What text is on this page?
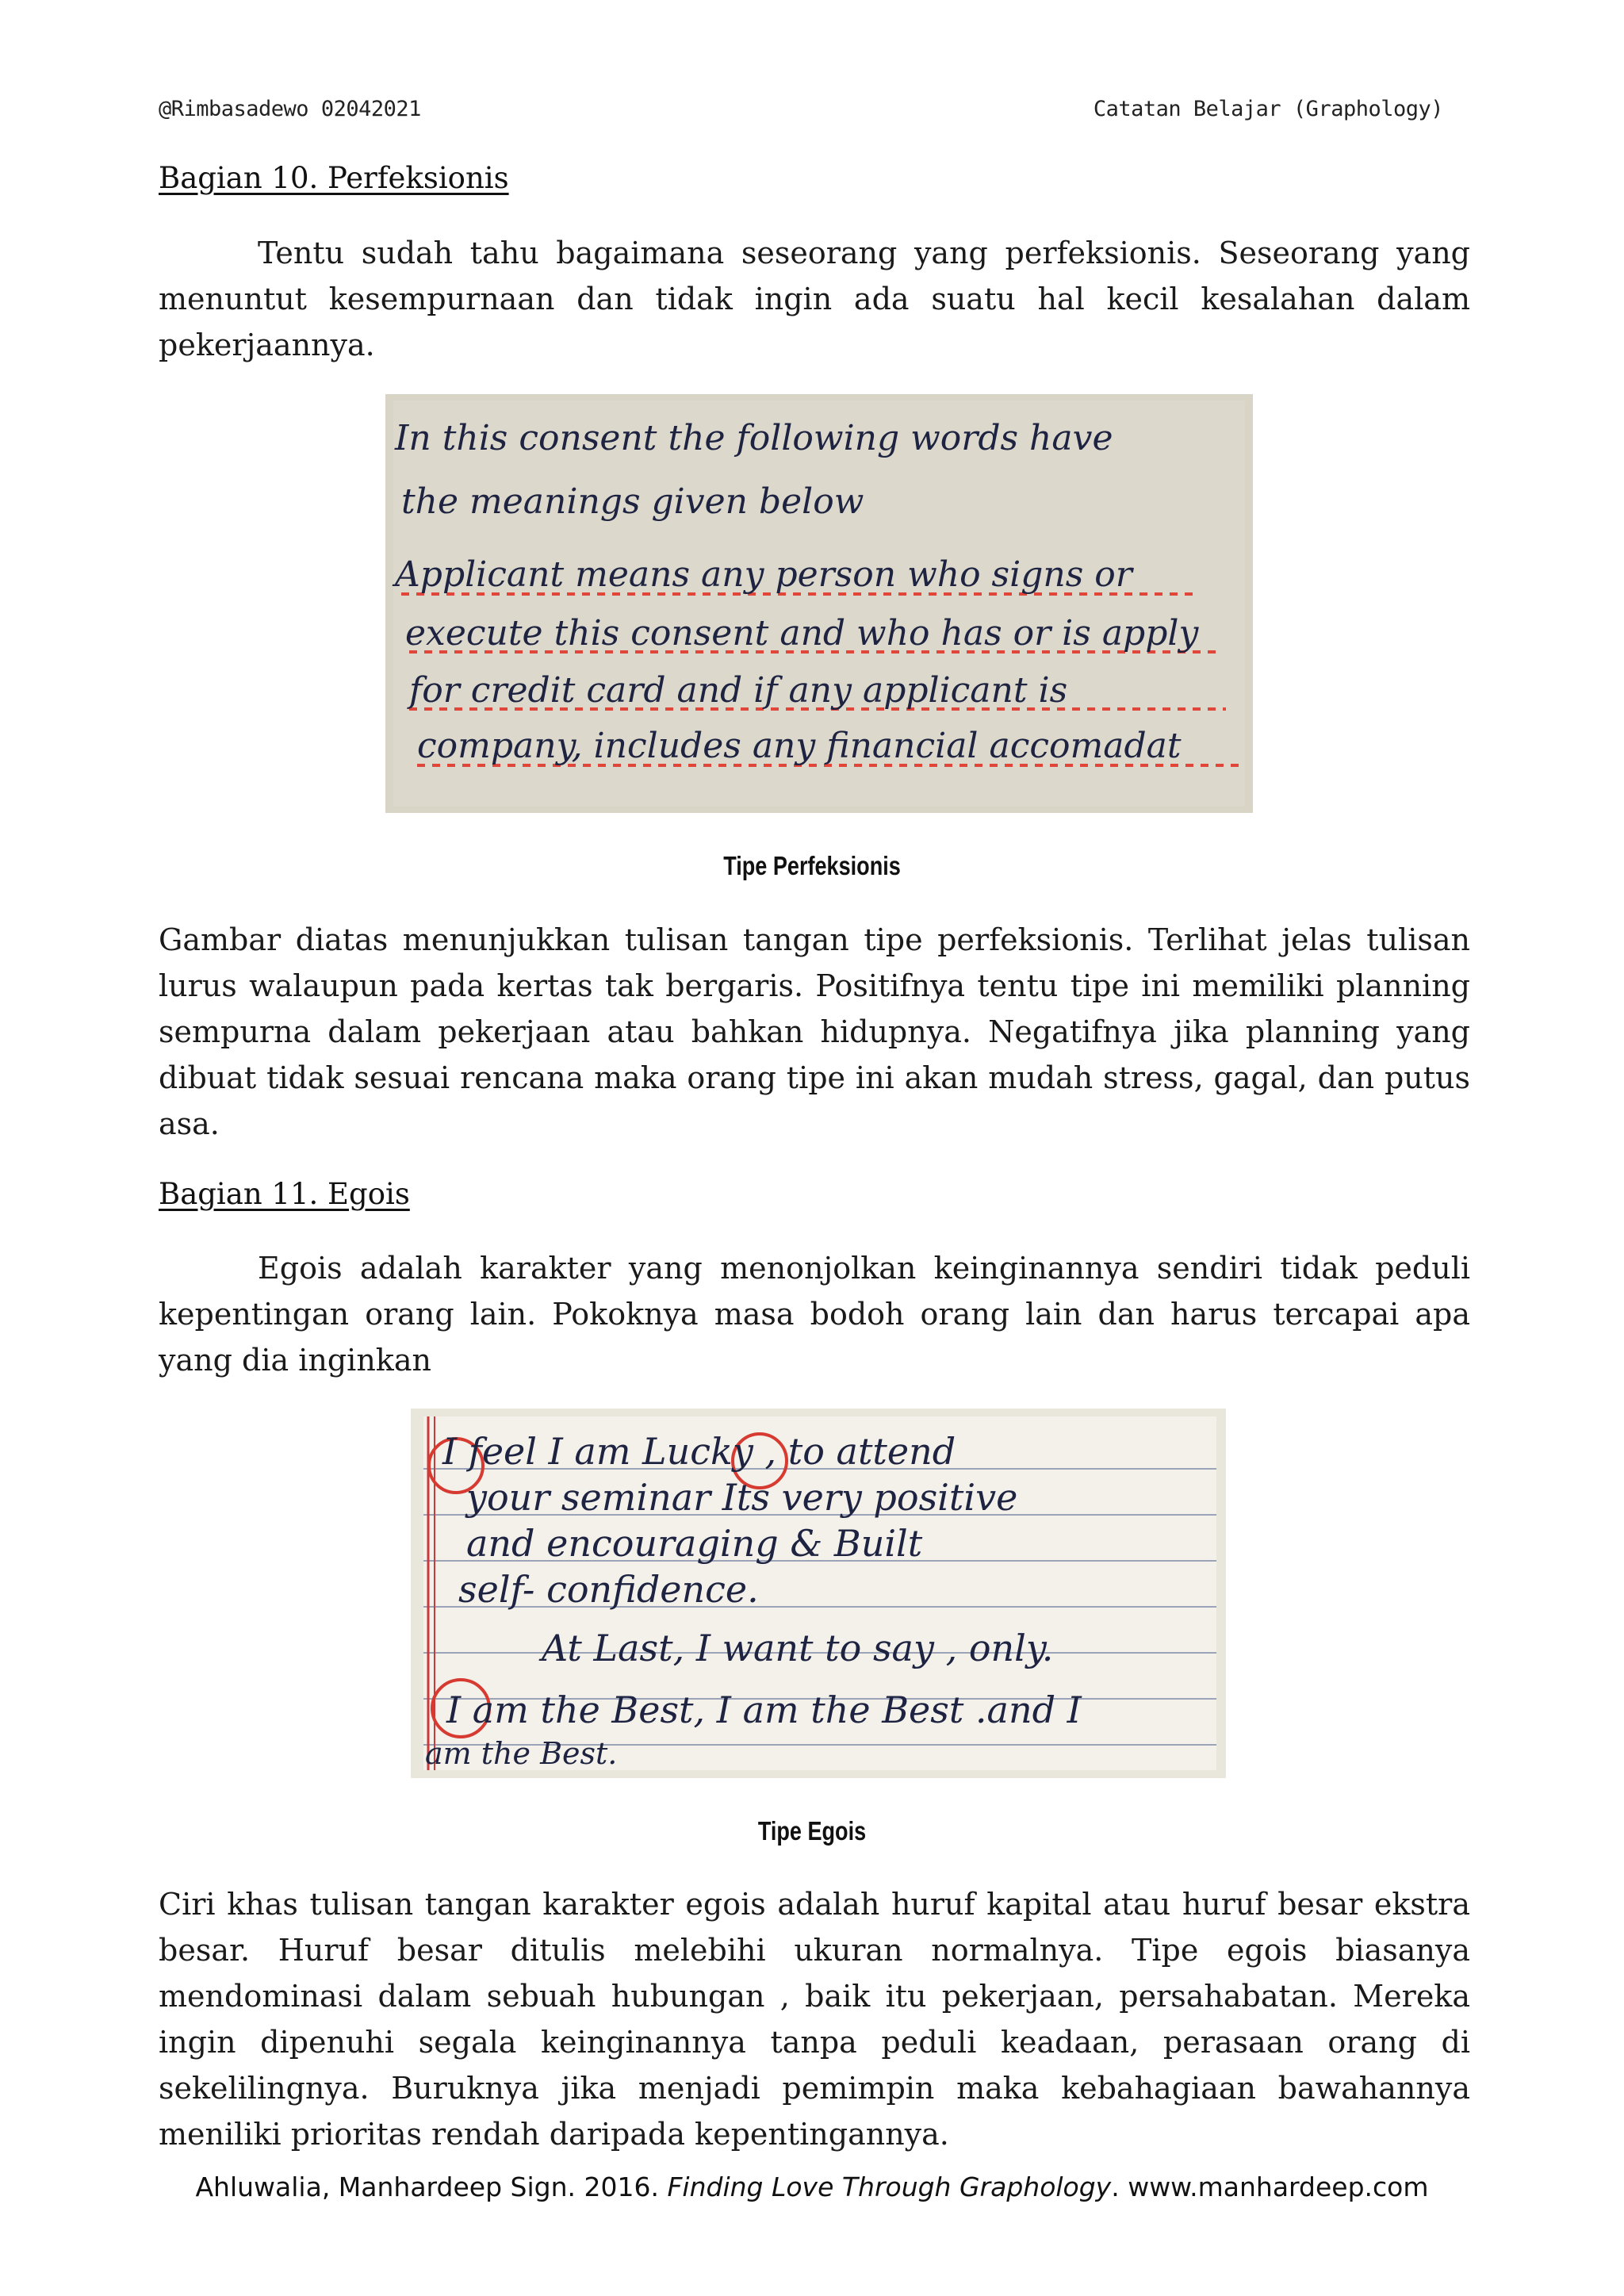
@Rimbasadewo 02042021	Catatan Belajar (Graphology)
Bagian 10. Perfeksionis

Tentu sudah tahu bagaimana seseorang yang perfeksionis. Seseorang yang menuntut kesempurnaan dan tidak ingin ada suatu hal kecil kesalahan dalam pekerjaannya.

In this consent the following words have
the meanings given below
Applicant means any person who signs or
execute this consent and who has or is apply
for credit card and if any applicant is
company, includes any financial accomadat
Tipe Perfeksionis

Gambar diatas menunjukkan tulisan tangan tipe perfeksionis. Terlihat jelas tulisan lurus walaupun pada kertas tak bergaris. Positifnya tentu tipe ini memiliki planning sempurna dalam pekerjaan atau bahkan hidupnya. Negatifnya jika planning yang dibuat tidak sesuai rencana maka orang tipe ini akan mudah stress, gagal, dan putus asa.

Bagian 11. Egois

Egois adalah karakter yang menonjolkan keinginannya sendiri tidak peduli kepentingan orang lain. Pokoknya masa bodoh orang lain dan harus tercapai apa yang dia inginkan

I feel I am Lucky , to attend
your seminar Its very positive
and encouraging & Built
self- confidence.
At Last, I want to say , only.
I am the Best, I am the Best .and I
am the Best.
Tipe Egois

Ciri khas tulisan tangan karakter egois adalah huruf kapital atau huruf besar ekstra besar. Huruf besar ditulis melebihi ukuran normalnya. Tipe egois biasanya mendominasi dalam sebuah hubungan , baik itu pekerjaan, persahabatan. Mereka ingin dipenuhi segala keinginannya tanpa peduli keadaan, perasaan orang di sekelilingnya. Buruknya jika menjadi pemimpin maka kebahagiaan bawahannya meniliki prioritas rendah daripada kepentingannya.

Ahluwalia, Manhardeep Sign. 2016. Finding Love Through Graphology. www.manhardeep.com
